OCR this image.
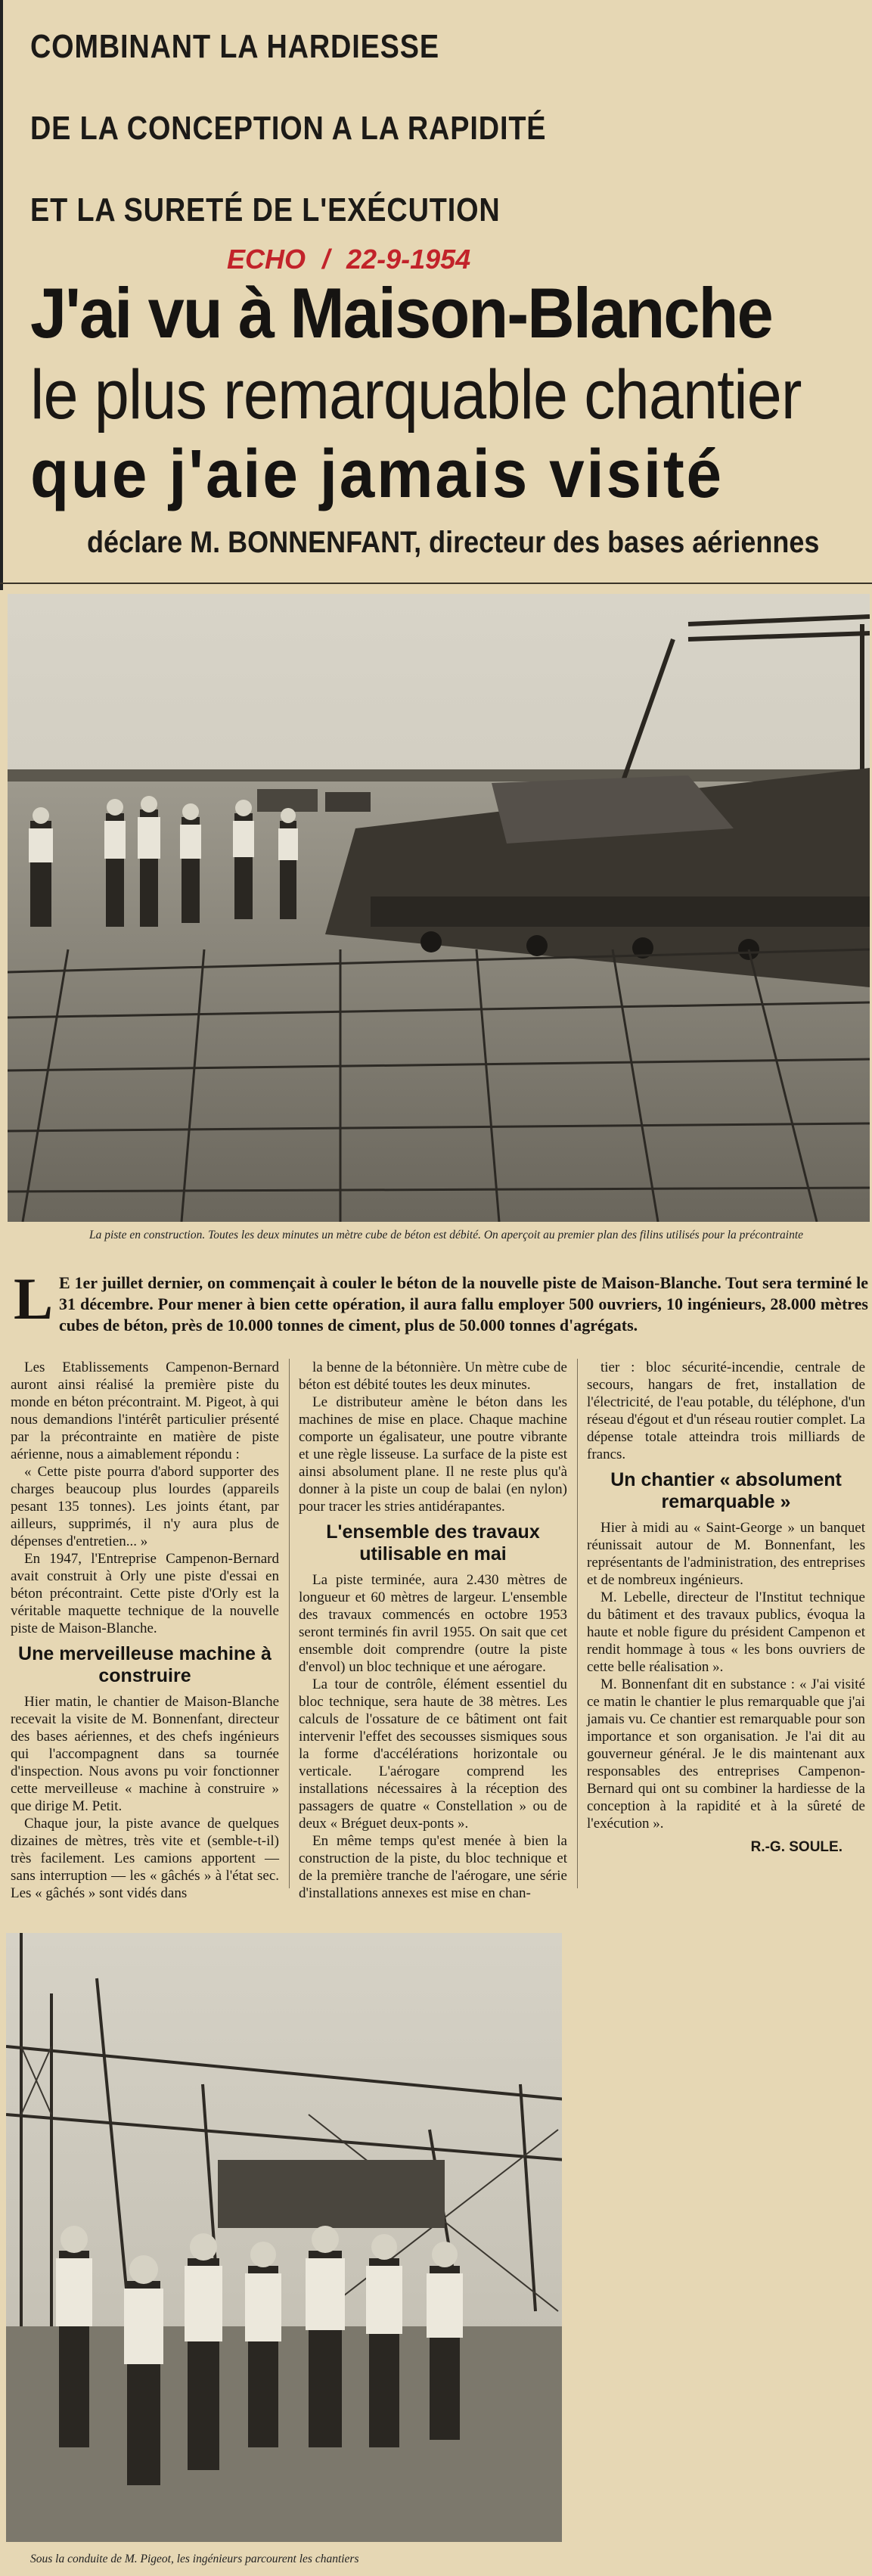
COMBINANT LA HARDIESSE
DE LA CONCEPTION A LA RAPIDITÉ
ET LA SURETÉ DE L'EXÉCUTION
ECHO / 22-9-1954
J'ai vu à Maison-Blanche
le plus remarquable chantier
que j'aie jamais visité
déclare M. BONNENFANT, directeur des bases aériennes
La piste en construction. Toutes les deux minutes un mètre cube de béton est débité. On aperçoit au premier plan des filins utilisés pour la précontrainte
L E 1er juillet dernier, on commençait à couler le béton de la nouvelle piste de Maison-Blanche. Tout sera terminé le 31 décembre. Pour mener à bien cette opération, il aura fallu employer 500 ouvriers, 10 ingénieurs, 28.000 mètres cubes de béton, près de 10.000 tonnes de ciment, plus de 50.000 tonnes d'agrégats.

Les Etablissements Campenon-Bernard auront ainsi réalisé la première piste du monde en béton précontraint. M. Pigeot, à qui nous demandions l'intérêt particulier présenté par la précontrainte en matière de piste aérienne, nous a aimablement répondu :

« Cette piste pourra d'abord supporter des charges beaucoup plus lourdes (appareils pesant 135 tonnes). Les joints étant, par ailleurs, supprimés, il n'y aura plus de dépenses d'entretien... »

En 1947, l'Entreprise Campenon-Bernard avait construit à Orly une piste d'essai en béton précontraint. Cette piste d'Orly est la véritable maquette technique de la nouvelle piste de Maison-Blanche.

Une merveilleuse machine à construire

Hier matin, le chantier de Maison-Blanche recevait la visite de M. Bonnenfant, directeur des bases aériennes, et des chefs ingénieurs qui l'accompagnent dans sa tournée d'inspection. Nous avons pu voir fonctionner cette merveilleuse « machine à construire » que dirige M. Petit.

Chaque jour, la piste avance de quelques dizaines de mètres, très vite et (semble-t-il) très facilement. Les camions apportent — sans interruption — les « gâchés » à l'état sec. Les « gâchés » sont vidés dans

la benne de la bétonnière. Un mètre cube de béton est débité toutes les deux minutes.

Le distributeur amène le béton dans les machines de mise en place. Chaque machine comporte un égalisateur, une poutre vibrante et une règle lisseuse. La surface de la piste est ainsi absolument plane. Il ne reste plus qu'à donner à la piste un coup de balai (en nylon) pour tracer les stries antidérapantes.

L'ensemble des travaux utilisable en mai

La piste terminée, aura 2.430 mètres de longueur et 60 mètres de largeur. L'ensemble des travaux commencés en octobre 1953 seront terminés fin avril 1955. On sait que cet ensemble doit comprendre (outre la piste d'envol) un bloc technique et une aérogare.

La tour de contrôle, élément essentiel du bloc technique, sera haute de 38 mètres. Les calculs de l'ossature de ce bâtiment ont fait intervenir l'effet des secousses sismiques sous la forme d'accélérations horizontale ou verticale. L'aérogare comprend les installations nécessaires à la réception des passagers de quatre « Constellation » ou de deux « Bréguet deux-ponts ».

En même temps qu'est menée à bien la construction de la piste, du bloc technique et de la première tranche de l'aérogare, une série d'installations annexes est mise en chan-

tier : bloc sécurité-incendie, centrale de secours, hangars de fret, installation de l'électricité, de l'eau potable, du téléphone, d'un réseau d'égout et d'un réseau routier complet. La dépense totale atteindra trois milliards de francs.

Un chantier « absolument remarquable »

Hier à midi au « Saint-George » un banquet réunissait autour de M. Bonnenfant, les représentants de l'administration, des entreprises et de nombreux ingénieurs.

M. Lebelle, directeur de l'Institut technique du bâtiment et des travaux publics, évoqua la haute et noble figure du président Campenon et rendit hommage à tous « les bons ouvriers de cette belle réalisation ».

M. Bonnenfant dit en substance : « J'ai visité ce matin le chantier le plus remarquable que j'ai jamais vu. Ce chantier est remarquable pour son importance et son organisation. Je l'ai dit au gouverneur général. Je le dis maintenant aux responsables des entreprises Campenon-Bernard qui ont su combiner la hardiesse de la conception à la rapidité et à la sûreté de l'exécution ».

R.-G. SOULE.
Sous la conduite de M. Pigeot, les ingénieurs parcourent les chantiers
